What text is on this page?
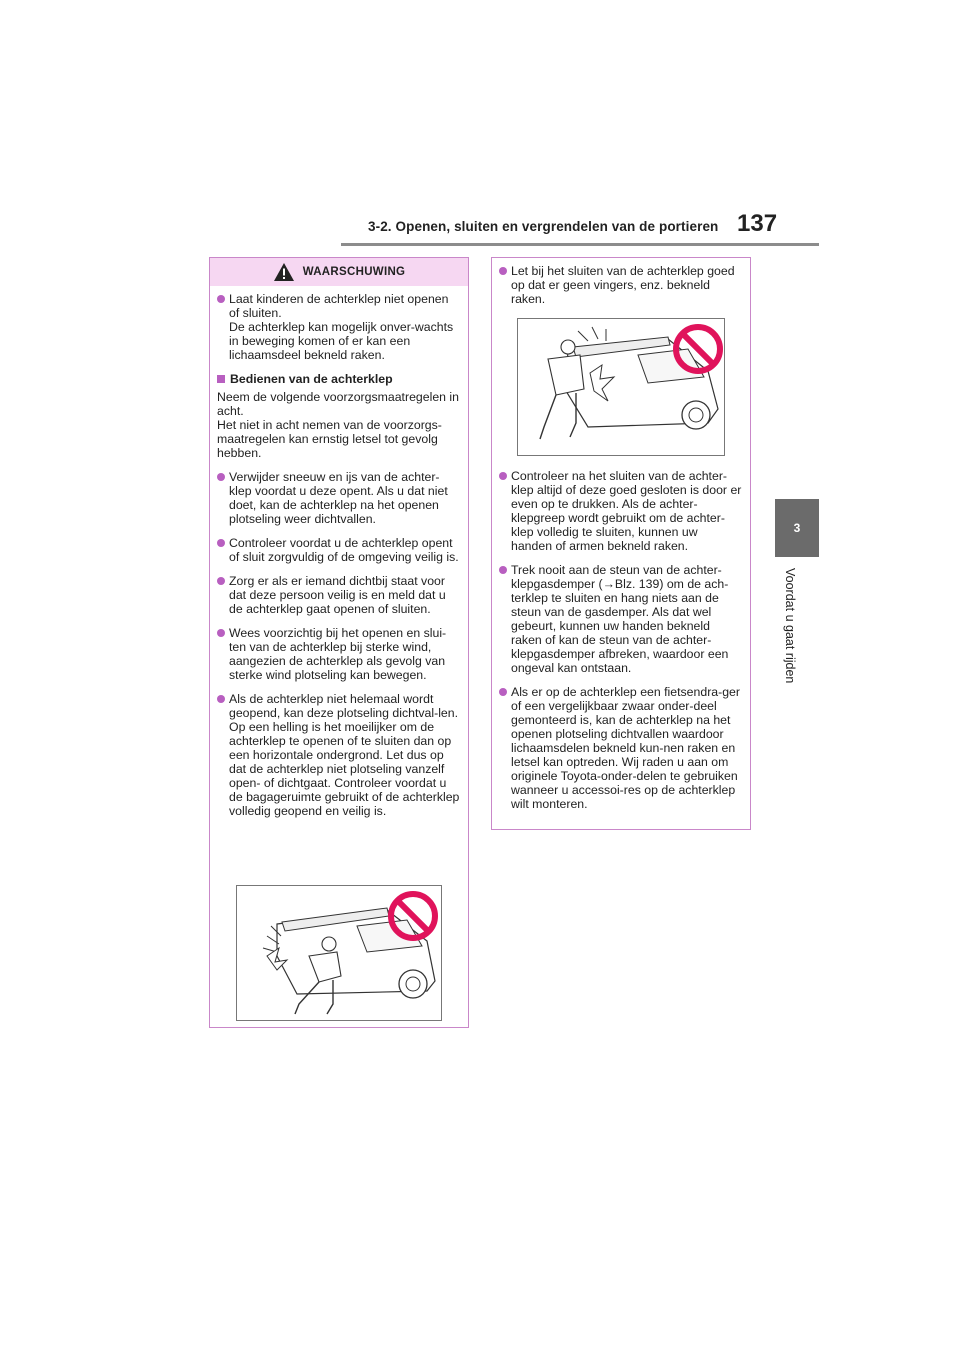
3-2. Openen, sluiten en vergrendelen van de portieren 137
3
Voordat u gaat rijden
WAARSCHUWING
Laat kinderen de achterklep niet openen of sluiten.
De achterklep kan mogelijk onver-wachts in beweging komen of er kan een lichaamsdeel bekneld raken.
Bedienen van de achterklep
Neem de volgende voorzorgsmaatregelen in acht.
Het niet in acht nemen van de voorzorgs-maatregelen kan ernstig letsel tot gevolg hebben.
Verwijder sneeuw en ijs van de achter-klep voordat u deze opent. Als u dat niet doet, kan de achterklep na het openen plotseling weer dichtvallen.
Controleer voordat u de achterklep opent of sluit zorgvuldig of de omgeving veilig is.
Zorg er als er iemand dichtbij staat voor dat deze persoon veilig is en meld dat u de achterklep gaat openen of sluiten.
Wees voorzichtig bij het openen en slui-ten van de achterklep bij sterke wind, aangezien de achterklep als gevolg van sterke wind plotseling kan bewegen.
Als de achterklep niet helemaal wordt geopend, kan deze plotseling dichtval-len. Op een helling is het moeilijker om de achterklep te openen of te sluiten dan op een horizontale ondergrond. Let dus op dat de achterklep niet plotseling vanzelf open- of dichtgaat. Controleer voordat u de bagageruimte gebruikt of de achterklep volledig geopend en veilig is.
Let bij het sluiten van de achterklep goed op dat er geen vingers, enz. bekneld raken.
Controleer na het sluiten van de achter-klep altijd of deze goed gesloten is door er even op te drukken. Als de achter-klepgreep wordt gebruikt om de achter-klep volledig te sluiten, kunnen uw handen of armen bekneld raken.
Trek nooit aan de steun van de achter-klepgasdemper (→Blz. 139) om de ach-terklep te sluiten en hang niets aan de steun van de gasdemper. Als dat wel gebeurt, kunnen uw handen bekneld raken of kan de steun van de achter-klepgasdemper afbreken, waardoor een ongeval kan ontstaan.
Als er op de achterklep een fietsendra-ger of een vergelijkbaar zwaar onder-deel gemonteerd is, kan de achterklep na het openen plotseling dichtvallen waardoor lichaamsdelen bekneld kun-nen raken en letsel kan optreden. Wij raden u aan om originele Toyota-onder-delen te gebruiken wanneer u accessoi-res op de achterklep wilt monteren.
